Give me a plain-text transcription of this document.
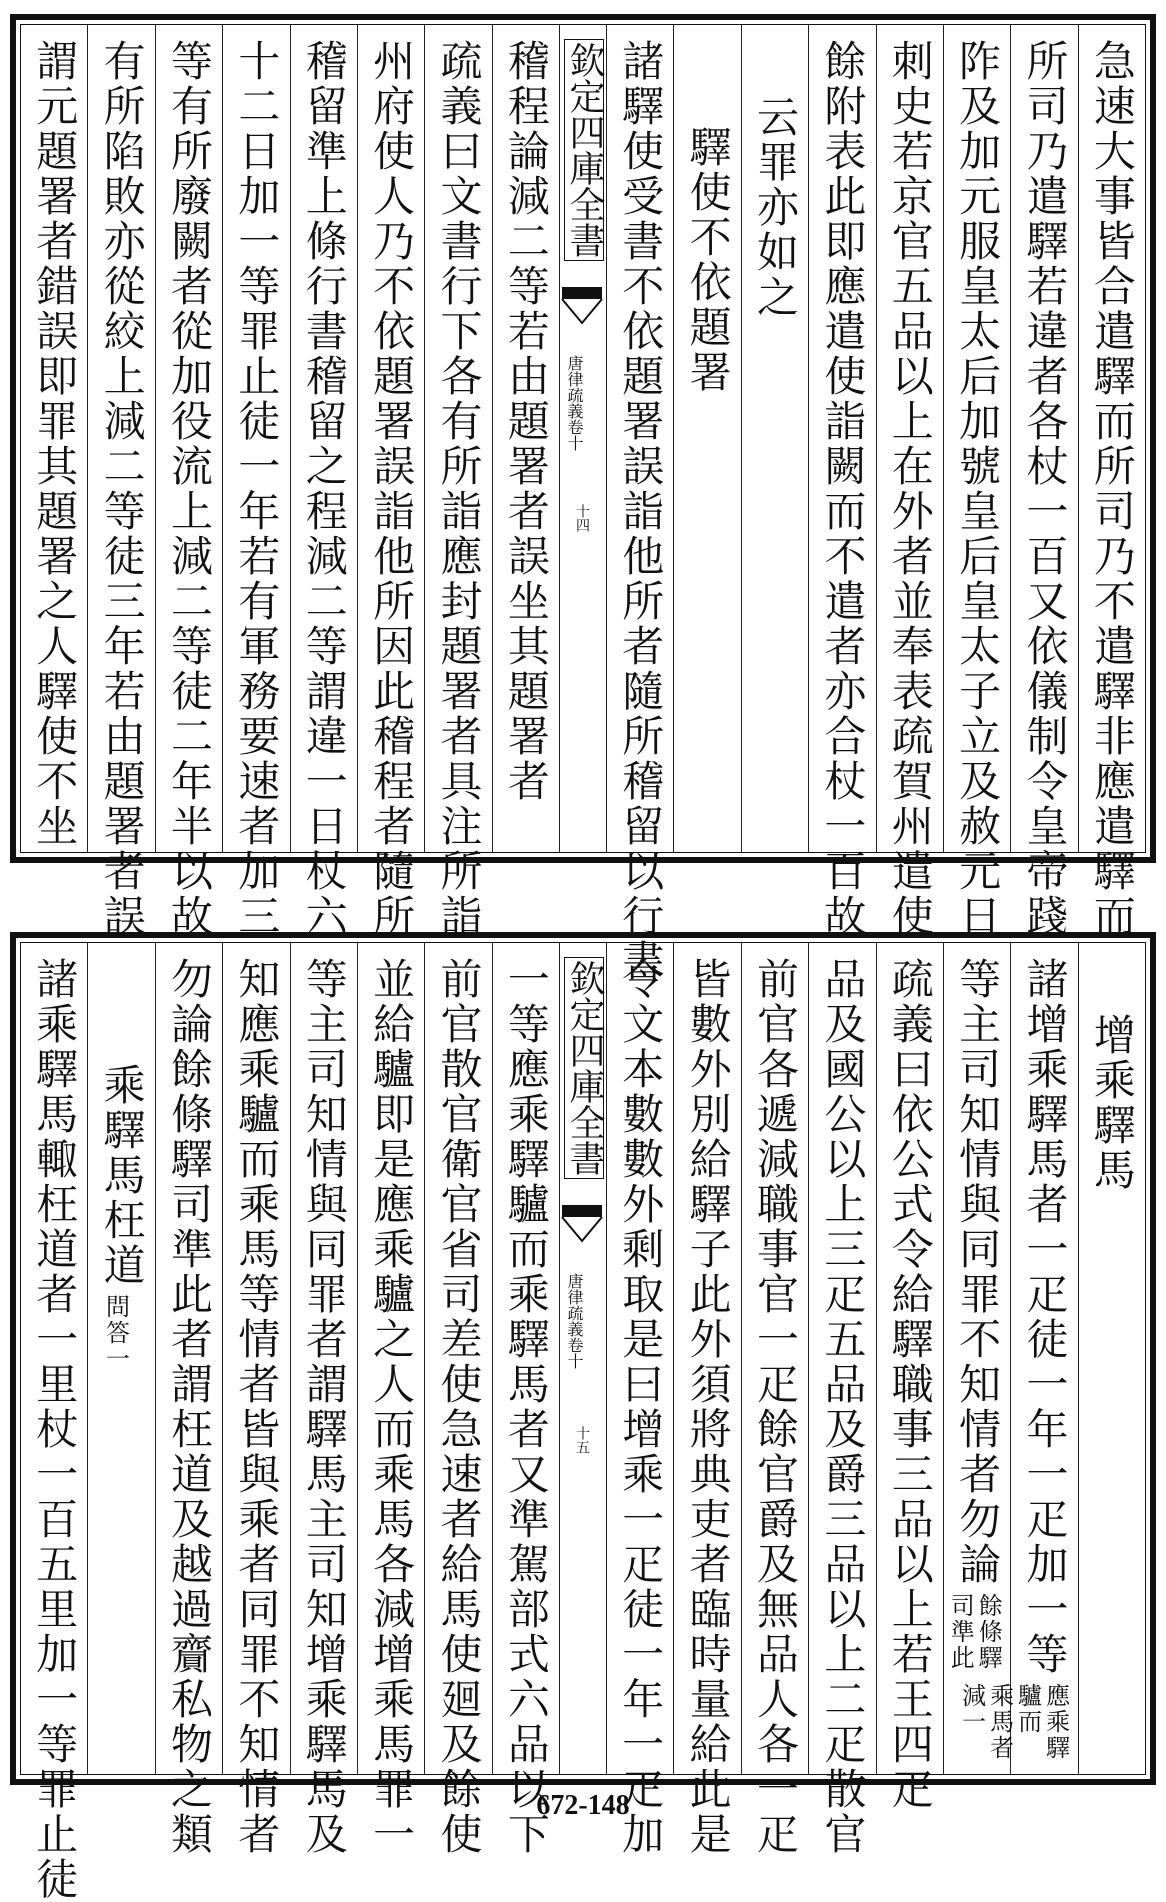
急速大事皆合遣驛而所司乃不遣驛非應遣驛而
所司乃遣驛若違者各杖一百又依儀制令皇帝踐
阼及加元服皇太后加號皇后皇太子立及赦元日
刺史若京官五品以上在外者並奉表疏賀州遣使
餘附表此即應遣使詣闕而不遣者亦合杖一百故
云罪亦如之
驛使不依題署
諸驛使受書不依題署誤詣他所者隨所稽留以行書
欽定四庫全書
唐律疏義卷十
十四
稽程論減二等若由題署者誤坐其題署者
疏義曰文書行下各有所詣應封題署者具注所詣
州府使人乃不依題署誤詣他所因此稽程者隨所
稽留準上條行書稽留之程減二等謂違一日杖六
十二日加一等罪止徒一年若有軍務要速者加三
等有所廢闕者從加役流上減二等徒二年半以故
有所陷敗亦從絞上減二等徒三年若由題署者誤
謂元題署者錯誤即罪其題署之人驛使不坐
增乘驛馬
諸增乘驛馬者一疋徒一年一疋加一等
應乘驛驢而
乘馬者減一
等主司知情與同罪不知情者勿論
餘條驛
司準此
疏義曰依公式令給驛職事三品以上若王四疋
品及國公以上三疋五品及爵三品以上二疋散官
前官各遞減職事官一疋餘官爵及無品人各一疋
皆數外別給驛子此外須將典吏者臨時量給此是
令文本數數外剩取是曰增乘一疋徒一年一疋加
欽定四庫全書
唐律疏義卷十
十五
一等應乘驛驢而乘驛馬者又準駕部式六品以下
前官散官衛官省司差使急速者給馬使廻及餘使
並給驢即是應乘驢之人而乘馬各減增乘馬罪一
等主司知情與同罪者謂驛馬主司知增乘驛馬及
知應乘驢而乘馬等情者皆與乘者同罪不知情者
勿論餘條驛司準此者謂枉道及越過齎私物之類
乘驛馬枉道
問答一
諸乘驛馬輙枉道者一里杖一百五里加一等罪止徒	672-148
